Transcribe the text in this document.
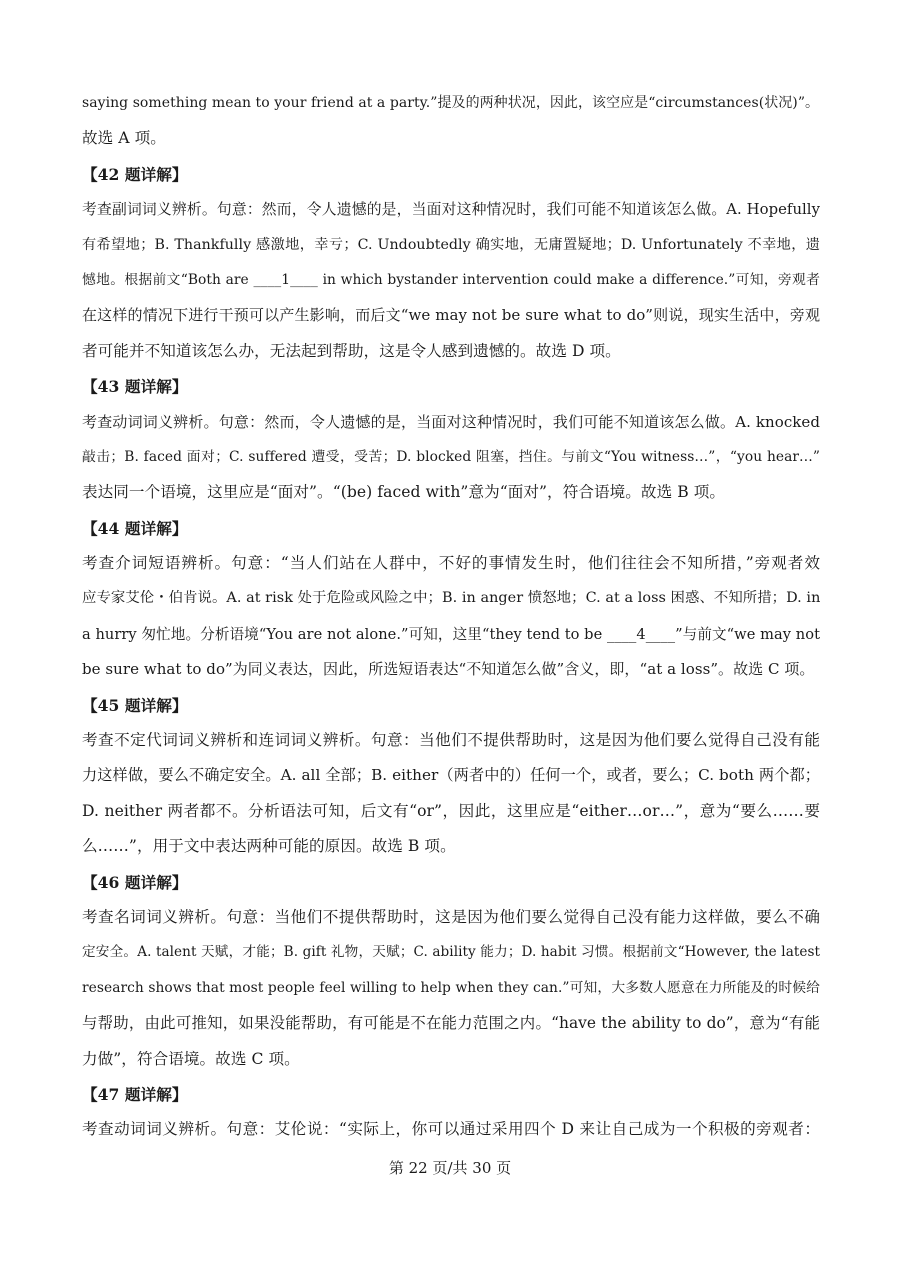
saying something mean to your friend at a party.”提及的两种状况，因此，该空应是“circumstances(状况)”。
故选 A 项。
【42 题详解】
考查副词词义辨析。句意：然而，令人遗憾的是，当面对这种情况时，我们可能不知道该怎么做。A. Hopefully
有希望地；B. Thankfully 感激地，幸亏；C. Undoubtedly 确实地，无庸置疑地；D. Unfortunately 不幸地，遗
憾地。根据前文“Both are ____1____ in which bystander intervention could make a difference.”可知，旁观者
在这样的情况下进行干预可以产生影响，而后文“we may not be sure what to do”则说，现实生活中，旁观
者可能并不知道该怎么办，无法起到帮助，这是令人感到遗憾的。故选 D 项。
【43 题详解】
考查动词词义辨析。句意：然而，令人遗憾的是，当面对这种情况时，我们可能不知道该怎么做。A. knocked
敲击；B. faced 面对；C. suffered 遭受，受苦；D. blocked 阻塞，挡住。与前文“You witness…”，“you hear…”
表达同一个语境，这里应是“面对”。“(be) faced with”意为“面对”，符合语境。故选 B 项。
【44 题详解】
考查介词短语辨析。句意：“当人们站在人群中，不好的事情发生时，他们往往会不知所措，”旁观者效
应专家艾伦・伯肯说。A. at risk 处于危险或风险之中；B. in anger 愤怒地；C. at a loss 困惑、不知所措；D. in
a hurry 匆忙地。分析语境“You are not alone.”可知，这里“they tend to be ____4____”与前文“we may not
be sure what to do”为同义表达，因此，所选短语表达“不知道怎么做”含义，即，“at a loss”。故选 C 项。
【45 题详解】
考查不定代词词义辨析和连词词义辨析。句意：当他们不提供帮助时，这是因为他们要么觉得自己没有能
力这样做，要么不确定安全。A. all 全部；B. either（两者中的）任何一个，或者，要么；C. both 两个都；
D. neither 两者都不。分析语法可知，后文有“or”，因此，这里应是“either…or…”，意为“要么……要
么……”，用于文中表达两种可能的原因。故选 B 项。
【46 题详解】
考查名词词义辨析。句意：当他们不提供帮助时，这是因为他们要么觉得自己没有能力这样做，要么不确
定安全。A. talent 天赋，才能；B. gift 礼物，天赋；C. ability 能力；D. habit 习惯。根据前文“However, the latest
research shows that most people feel willing to help when they can.”可知，大多数人愿意在力所能及的时候给
与帮助，由此可推知，如果没能帮助，有可能是不在能力范围之内。“have the ability to do”，意为“有能
力做”，符合语境。故选 C 项。
【47 题详解】
考查动词词义辨析。句意：艾伦说：“实际上，你可以通过采用四个 D 来让自己成为一个积极的旁观者：
第 22 页/共 30 页
